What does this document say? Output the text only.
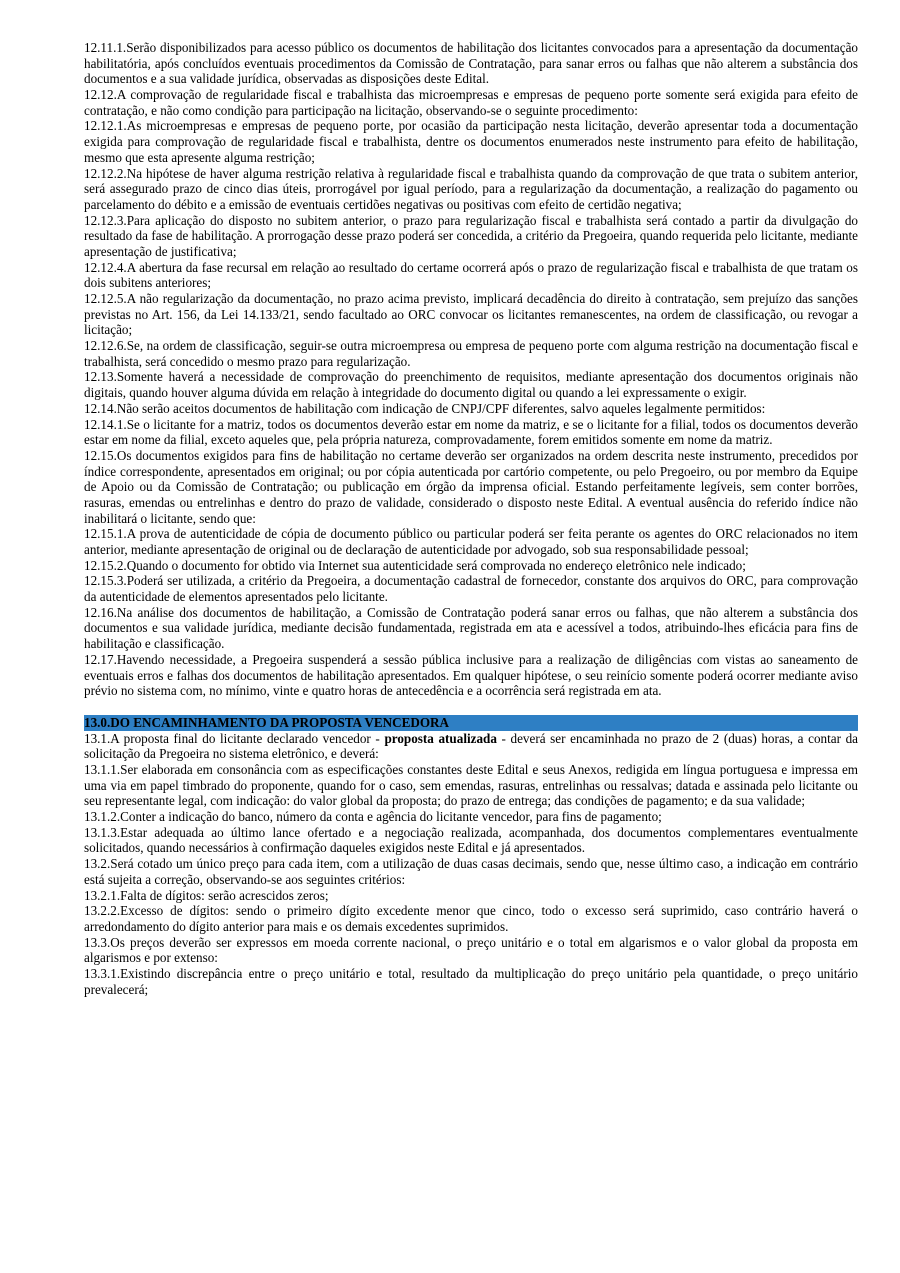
12.11.1.Serão disponibilizados para acesso público os documentos de habilitação dos licitantes convocados para a apresentação da documentação habilitatória, após concluídos eventuais procedimentos da Comissão de Contratação, para sanar erros ou falhas que não alterem a substância dos documentos e a sua validade jurídica, observadas as disposições deste Edital.

12.12.A comprovação de regularidade fiscal e trabalhista das microempresas e empresas de pequeno porte somente será exigida para efeito de contratação, e não como condição para participação na licitação, observando-se o seguinte procedimento:

12.12.1.As microempresas e empresas de pequeno porte, por ocasião da participação nesta licitação, deverão apresentar toda a documentação exigida para comprovação de regularidade fiscal e trabalhista, dentre os documentos enumerados neste instrumento para efeito de habilitação, mesmo que esta apresente alguma restrição;

12.12.2.Na hipótese de haver alguma restrição relativa à regularidade fiscal e trabalhista quando da comprovação de que trata o subitem anterior, será assegurado prazo de cinco dias úteis, prorrogável por igual período, para a regularização da documentação, a realização do pagamento ou parcelamento do débito e a emissão de eventuais certidões negativas ou positivas com efeito de certidão negativa;

12.12.3.Para aplicação do disposto no subitem anterior, o prazo para regularização fiscal e trabalhista será contado a partir da divulgação do resultado da fase de habilitação. A prorrogação desse prazo poderá ser concedida, a critério da Pregoeira, quando requerida pelo licitante, mediante apresentação de justificativa;

12.12.4.A abertura da fase recursal em relação ao resultado do certame ocorrerá após o prazo de regularização fiscal e trabalhista de que tratam os dois subitens anteriores;

12.12.5.A não regularização da documentação, no prazo acima previsto, implicará decadência do direito à contratação, sem prejuízo das sanções previstas no Art. 156, da Lei 14.133/21, sendo facultado ao ORC convocar os licitantes remanescentes, na ordem de classificação, ou revogar a licitação;

12.12.6.Se, na ordem de classificação, seguir-se outra microempresa ou empresa de pequeno porte com alguma restrição na documentação fiscal e trabalhista, será concedido o mesmo prazo para regularização.

12.13.Somente haverá a necessidade de comprovação do preenchimento de requisitos, mediante apresentação dos documentos originais não digitais, quando houver alguma dúvida em relação à integridade do documento digital ou quando a lei expressamente o exigir.

12.14.Não serão aceitos documentos de habilitação com indicação de CNPJ/CPF diferentes, salvo aqueles legalmente permitidos:

12.14.1.Se o licitante for a matriz, todos os documentos deverão estar em nome da matriz, e se o licitante for a filial, todos os documentos deverão estar em nome da filial, exceto aqueles que, pela própria natureza, comprovadamente, forem emitidos somente em nome da matriz.

12.15.Os documentos exigidos para fins de habilitação no certame deverão ser organizados na ordem descrita neste instrumento, precedidos por índice correspondente, apresentados em original; ou por cópia autenticada por cartório competente, ou pelo Pregoeiro, ou por membro da Equipe de Apoio ou da Comissão de Contratação; ou publicação em órgão da imprensa oficial. Estando perfeitamente legíveis, sem conter borrões, rasuras, emendas ou entrelinhas e dentro do prazo de validade, considerado o disposto neste Edital. A eventual ausência do referido índice não inabilitará o licitante, sendo que:

12.15.1.A prova de autenticidade de cópia de documento público ou particular poderá ser feita perante os agentes do ORC relacionados no item anterior, mediante apresentação de original ou de declaração de autenticidade por advogado, sob sua responsabilidade pessoal;

12.15.2.Quando o documento for obtido via Internet sua autenticidade será comprovada no endereço eletrônico nele indicado;

12.15.3.Poderá ser utilizada, a critério da Pregoeira, a documentação cadastral de fornecedor, constante dos arquivos do ORC, para comprovação da autenticidade de elementos apresentados pelo licitante.

12.16.Na análise dos documentos de habilitação, a Comissão de Contratação poderá sanar erros ou falhas, que não alterem a substância dos documentos e sua validade jurídica, mediante decisão fundamentada, registrada em ata e acessível a todos, atribuindo-lhes eficácia para fins de habilitação e classificação.

12.17.Havendo necessidade, a Pregoeira suspenderá a sessão pública inclusive para a realização de diligências com vistas ao saneamento de eventuais erros e falhas dos documentos de habilitação apresentados. Em qualquer hipótese, o seu reinício somente poderá ocorrer mediante aviso prévio no sistema com, no mínimo, vinte e quatro horas de antecedência e a ocorrência será registrada em ata.

13.0.DO ENCAMINHAMENTO DA PROPOSTA VENCEDORA

13.1.A proposta final do licitante declarado vencedor - proposta atualizada - deverá ser encaminhada no prazo de 2 (duas) horas, a contar da solicitação da Pregoeira no sistema eletrônico, e deverá:

13.1.1.Ser elaborada em consonância com as especificações constantes deste Edital e seus Anexos, redigida em língua portuguesa e impressa em uma via em papel timbrado do proponente, quando for o caso, sem emendas, rasuras, entrelinhas ou ressalvas; datada e assinada pelo licitante ou seu representante legal, com indicação: do valor global da proposta; do prazo de entrega; das condições de pagamento; e da sua validade;

13.1.2.Conter a indicação do banco, número da conta e agência do licitante vencedor, para fins de pagamento;

13.1.3.Estar adequada ao último lance ofertado e a negociação realizada, acompanhada, dos documentos complementares eventualmente solicitados, quando necessários à confirmação daqueles exigidos neste Edital e já apresentados.

13.2.Será cotado um único preço para cada item, com a utilização de duas casas decimais, sendo que, nesse último caso, a indicação em contrário está sujeita a correção, observando-se aos seguintes critérios:

13.2.1.Falta de dígitos: serão acrescidos zeros;

13.2.2.Excesso de dígitos: sendo o primeiro dígito excedente menor que cinco, todo o excesso será suprimido, caso contrário haverá o arredondamento do dígito anterior para mais e os demais excedentes suprimidos.

13.3.Os preços deverão ser expressos em moeda corrente nacional, o preço unitário e o total em algarismos e o valor global da proposta em algarismos e por extenso:

13.3.1.Existindo discrepância entre o preço unitário e total, resultado da multiplicação do preço unitário pela quantidade, o preço unitário prevalecerá;
